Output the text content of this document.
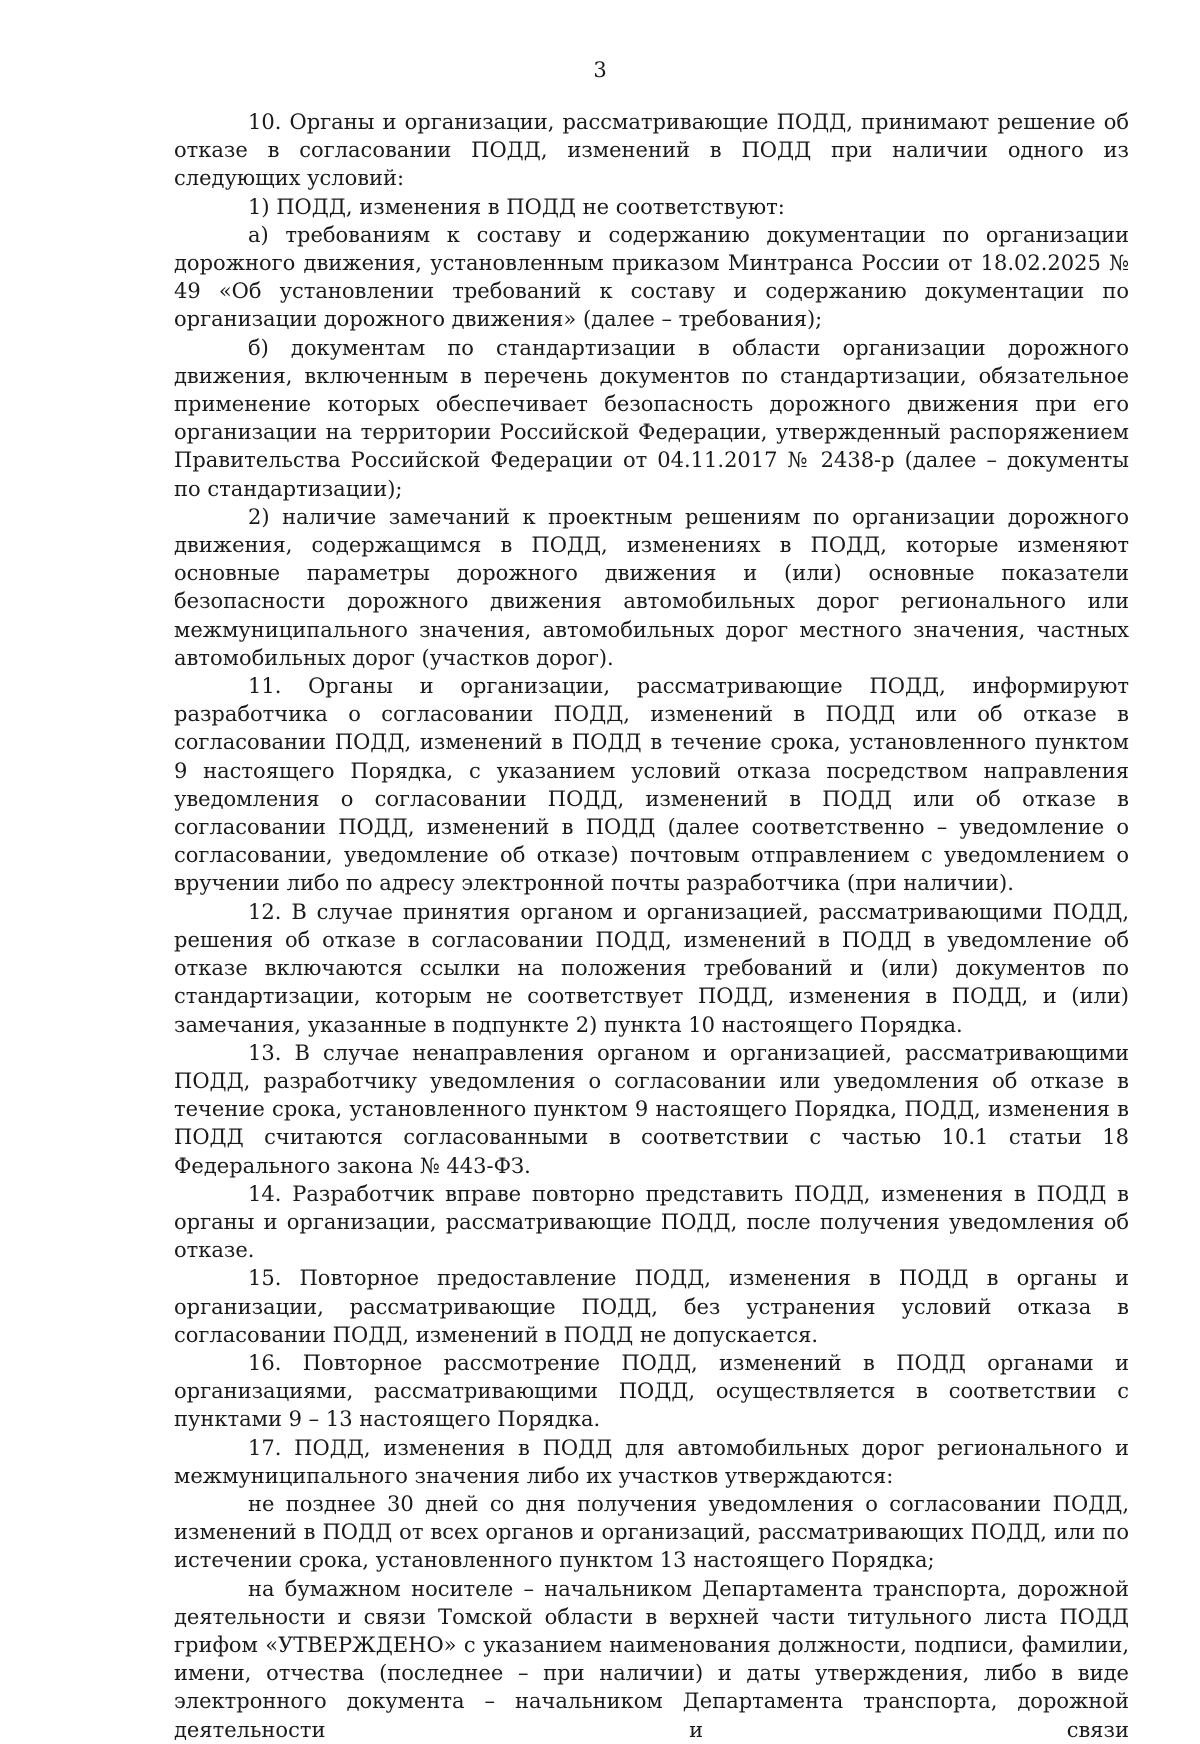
3

10. Органы и организации, рассматривающие ПОДД, принимают решение об отказе в согласовании ПОДД, изменений в ПОДД при наличии одного из следующих условий:

1) ПОДД, изменения в ПОДД не соответствуют:

а) требованиям к составу и содержанию документации по организации дорожного движения, установленным приказом Минтранса России от 18.02.2025 № 49 «Об установлении требований к составу и содержанию документации по организации дорожного движения» (далее – требования);

б) документам по стандартизации в области организации дорожного движения, включенным в перечень документов по стандартизации, обязательное применение которых обеспечивает безопасность дорожного движения при его организации на территории Российской Федерации, утвержденный распоряжением Правительства Российской Федерации от 04.11.2017 № 2438-р (далее – документы по стандартизации);

2) наличие замечаний к проектным решениям по организации дорожного движения, содержащимся в ПОДД, изменениях в ПОДД, которые изменяют основные параметры дорожного движения и (или) основные показатели безопасности дорожного движения автомобильных дорог регионального или межмуниципального значения, автомобильных дорог местного значения, частных автомобильных дорог (участков дорог).

11. Органы и организации, рассматривающие ПОДД, информируют разработчика о согласовании ПОДД, изменений в ПОДД или об отказе в согласовании ПОДД, изменений в ПОДД в течение срока, установленного пунктом 9 настоящего Порядка, с указанием условий отказа посредством направления уведомления о согласовании ПОДД, изменений в ПОДД или об отказе в согласовании ПОДД, изменений в ПОДД (далее соответственно – уведомление о согласовании, уведомление об отказе) почтовым отправлением с уведомлением о вручении либо по адресу электронной почты разработчика (при наличии).

12. В случае принятия органом и организацией, рассматривающими ПОДД, решения об отказе в согласовании ПОДД, изменений в ПОДД в уведомление об отказе включаются ссылки на положения требований и (или) документов по стандартизации, которым не соответствует ПОДД, изменения в ПОДД, и (или) замечания, указанные в подпункте 2) пункта 10 настоящего Порядка.

13. В случае ненаправления органом и организацией, рассматривающими ПОДД, разработчику уведомления о согласовании или уведомления об отказе в течение срока, установленного пунктом 9 настоящего Порядка, ПОДД, изменения в ПОДД считаются согласованными в соответствии с частью 10.1 статьи 18 Федерального закона № 443-ФЗ.

14. Разработчик вправе повторно представить ПОДД, изменения в ПОДД в органы и организации, рассматривающие ПОДД, после получения уведомления об отказе.

15. Повторное предоставление ПОДД, изменения в ПОДД в органы и организации, рассматривающие ПОДД, без устранения условий отказа в согласовании ПОДД, изменений в ПОДД не допускается.

16. Повторное рассмотрение ПОДД, изменений в ПОДД органами и организациями, рассматривающими ПОДД, осуществляется в соответствии с пунктами 9 – 13 настоящего Порядка.

17. ПОДД, изменения в ПОДД для автомобильных дорог регионального и межмуниципального значения либо их участков утверждаются:

не позднее 30 дней со дня получения уведомления о согласовании ПОДД, изменений в ПОДД от всех органов и организаций, рассматривающих ПОДД, или по истечении срока, установленного пунктом 13 настоящего Порядка;

на бумажном носителе – начальником Департамента транспорта, дорожной деятельности и связи Томской области в верхней части титульного листа ПОДД грифом «УТВЕРЖДЕНО» с указанием наименования должности, подписи, фамилии, имени, отчества (последнее – при наличии) и даты утверждения, либо в виде электронного документа – начальником Департамента транспорта, дорожной деятельности и связи
